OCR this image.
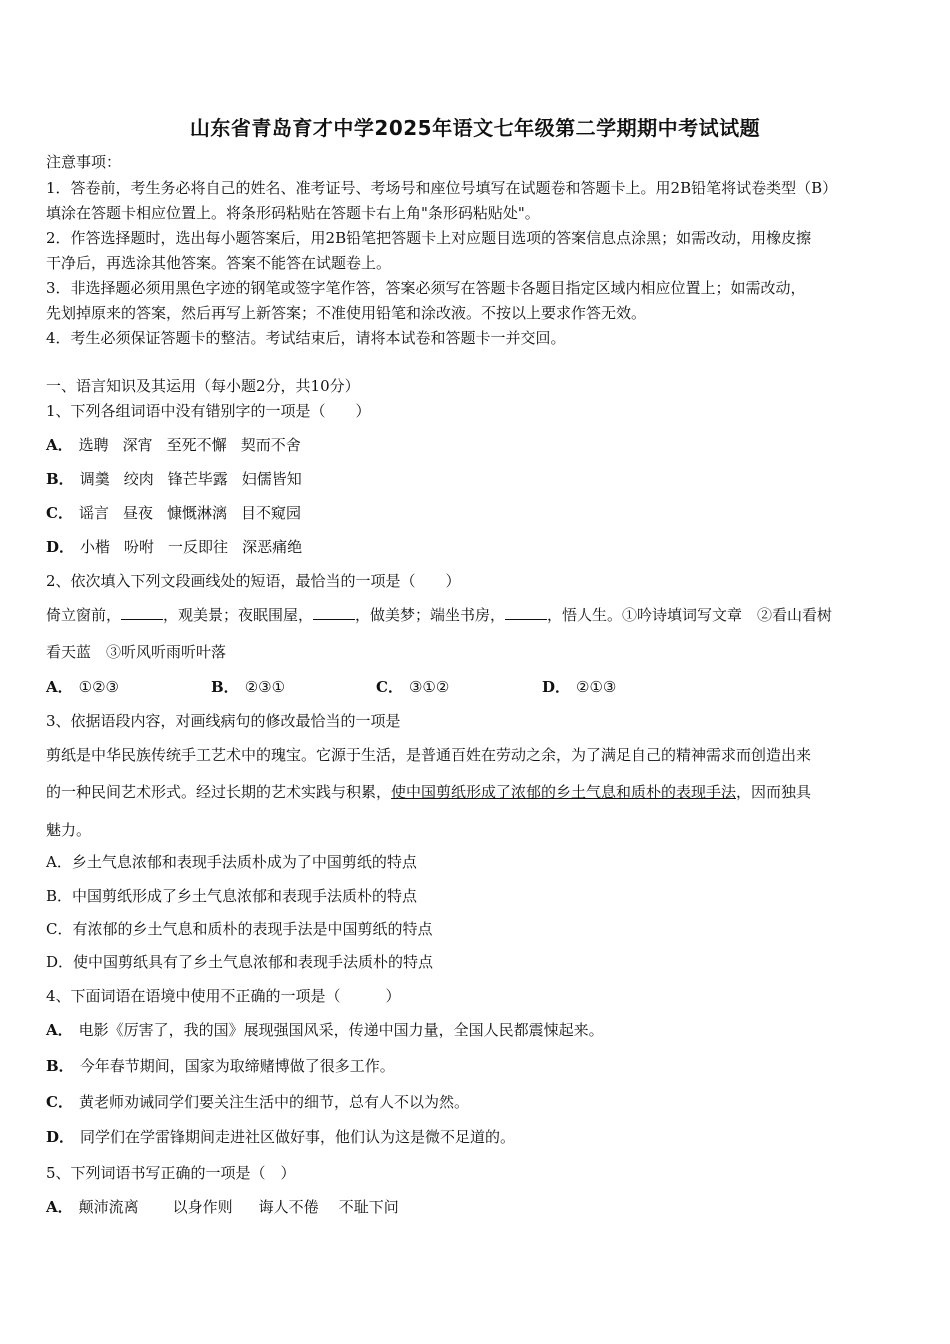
山东省青岛育才中学2025年语文七年级第二学期期中考试试题
注意事项：
1．答卷前，考生务必将自己的姓名、准考证号、考场号和座位号填写在试题卷和答题卡上。用2B铅笔将试卷类型（B）
填涂在答题卡相应位置上。将条形码粘贴在答题卡右上角"条形码粘贴处"。
2．作答选择题时，选出每小题答案后，用2B铅笔把答题卡上对应题目选项的答案信息点涂黑；如需改动，用橡皮擦
干净后，再选涂其他答案。答案不能答在试题卷上。
3．非选择题必须用黑色字迹的钢笔或签字笔作答，答案必须写在答题卡各题目指定区域内相应位置上；如需改动，
先划掉原来的答案，然后再写上新答案；不准使用铅笔和涂改液。不按以上要求作答无效。
4．考生必须保证答题卡的整洁。考试结束后，请将本试卷和答题卡一并交回。
一、语言知识及其运用（每小题2分，共10分）
1、下列各组词语中没有错别字的一项是（　　）
A． 选聘 深宵 至死不懈 契而不舍
B． 调羹 绞肉 锋芒毕露 妇儒皆知
C． 谣言 昼夜 慷慨淋漓 目不窥园
D． 小楷 吩咐 一反即往 深恶痛绝
2、依次填入下列文段画线处的短语，最恰当的一项是（　　）
倚立窗前，	，观美景；夜眠围屋，	，做美梦；端坐书房，	，悟人生。①吟诗填词写文章　②看山看树
看天蓝　③听风听雨听叶落
A． ①②③	B． ②③①	C． ③①②	D． ②①③
3、依据语段内容，对画线病句的修改最恰当的一项是
剪纸是中华民族传统手工艺术中的瑰宝。它源于生活，是普通百姓在劳动之余，为了满足自己的精神需求而创造出来
的一种民间艺术形式。经过长期的艺术实践与积累，使中国剪纸形成了浓郁的乡土气息和质朴的表现手法，因而独具
魅力。
A．乡土气息浓郁和表现手法质朴成为了中国剪纸的特点
B．中国剪纸形成了乡土气息浓郁和表现手法质朴的特点
C．有浓郁的乡土气息和质朴的表现手法是中国剪纸的特点
D．使中国剪纸具有了乡土气息浓郁和表现手法质朴的特点
4、下面词语在语境中使用不正确的一项是（　　　）
A． 电影《厉害了，我的国》展现强国风采，传递中国力量，全国人民都震悚起来。
B． 今年春节期间，国家为取缔赌博做了很多工作。
C． 黄老师劝诫同学们要关注生活中的细节，总有人不以为然。
D． 同学们在学雷锋期间走进社区做好事，他们认为这是微不足道的。
5、下列词语书写正确的一项是（　）
A． 颠沛流离 以身作则 诲人不倦 不耻下问
